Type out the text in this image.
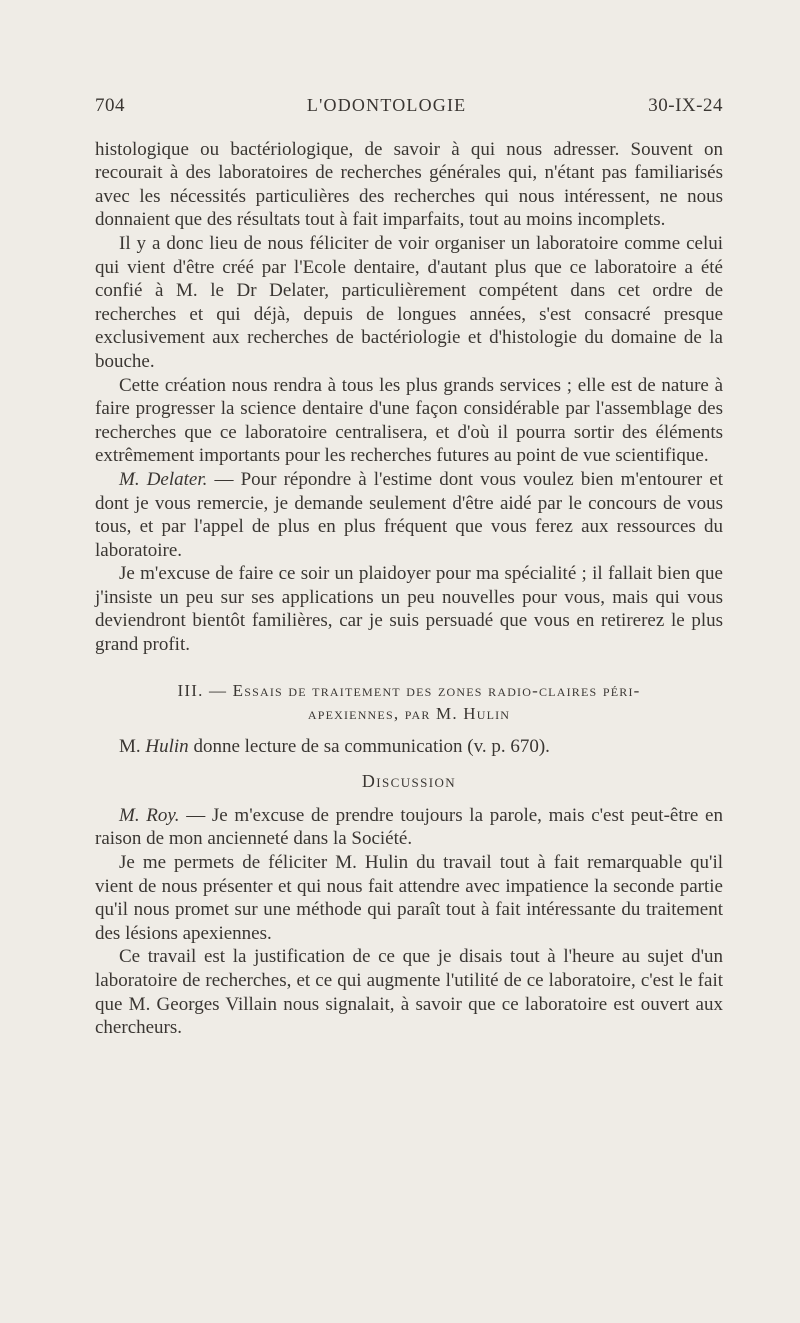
704	L'ODONTOLOGIE	30-IX-24

histologique ou bactériologique, de savoir à qui nous adresser. Souvent on recourait à des laboratoires de recherches générales qui, n'étant pas familiarisés avec les nécessités particulières des recherches qui nous intéressent, ne nous donnaient que des résultats tout à fait imparfaits, tout au moins incomplets.

Il y a donc lieu de nous féliciter de voir organiser un laboratoire comme celui qui vient d'être créé par l'Ecole dentaire, d'autant plus que ce laboratoire a été confié à M. le Dr Delater, particulièrement compétent dans cet ordre de recherches et qui déjà, depuis de longues années, s'est consacré presque exclusivement aux recherches de bactériologie et d'histologie du domaine de la bouche.

Cette création nous rendra à tous les plus grands services ; elle est de nature à faire progresser la science dentaire d'une façon considérable par l'assemblage des recherches que ce laboratoire centralisera, et d'où il pourra sortir des éléments extrêmement importants pour les recherches futures au point de vue scientifique.

M. Delater. — Pour répondre à l'estime dont vous voulez bien m'entourer et dont je vous remercie, je demande seulement d'être aidé par le concours de vous tous, et par l'appel de plus en plus fréquent que vous ferez aux ressources du laboratoire.

Je m'excuse de faire ce soir un plaidoyer pour ma spécialité ; il fallait bien que j'insiste un peu sur ses applications un peu nouvelles pour vous, mais qui vous deviendront bientôt familières, car je suis persuadé que vous en retirerez le plus grand profit.

III. — Essais de traitement des zones radio-claires péri-
apexiennes, par M. Hulin

M. Hulin donne lecture de sa communication (v. p. 670).

Discussion

M. Roy. — Je m'excuse de prendre toujours la parole, mais c'est peut-être en raison de mon ancienneté dans la Société.

Je me permets de féliciter M. Hulin du travail tout à fait remarquable qu'il vient de nous présenter et qui nous fait attendre avec impatience la seconde partie qu'il nous promet sur une méthode qui paraît tout à fait intéressante du traitement des lésions apexiennes.

Ce travail est la justification de ce que je disais tout à l'heure au sujet d'un laboratoire de recherches, et ce qui augmente l'utilité de ce laboratoire, c'est le fait que M. Georges Villain nous signalait, à savoir que ce laboratoire est ouvert aux chercheurs.
